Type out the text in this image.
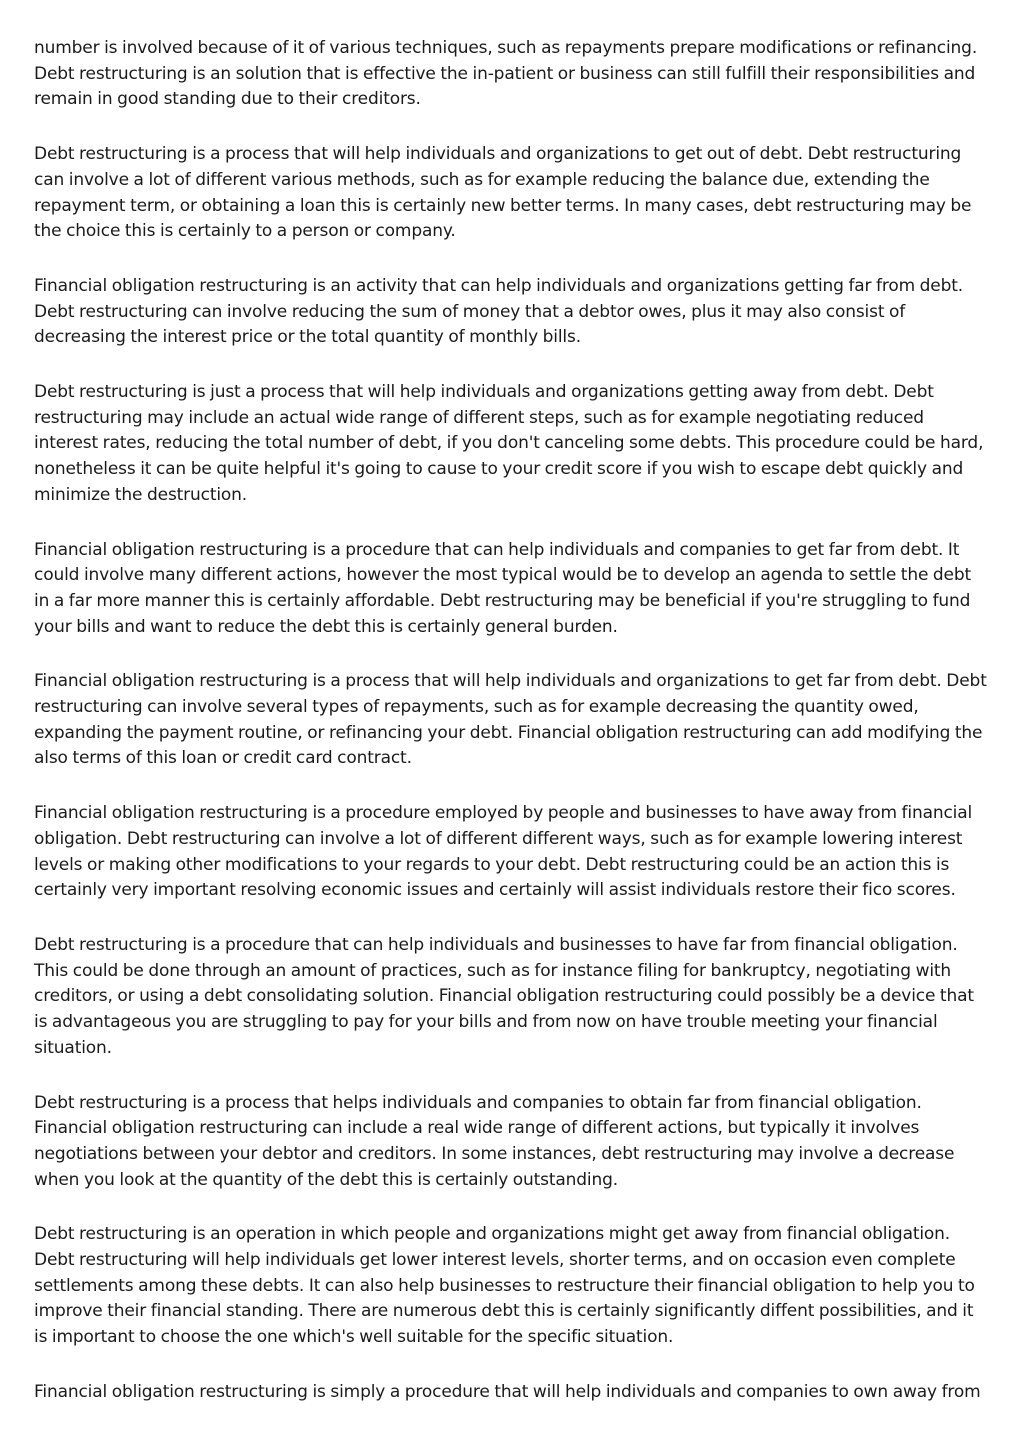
number is involved because of it of various techniques, such as repayments prepare modifications or refinancing. Debt restructuring is an solution that is effective the in-patient or business can still fulfill their responsibilities and remain in good standing due to their creditors.

Debt restructuring is a process that will help individuals and organizations to get out of debt. Debt restructuring can involve a lot of different various methods, such as for example reducing the balance due, extending the repayment term, or obtaining a loan this is certainly new better terms. In many cases, debt restructuring may be the choice this is certainly to a person or company.

Financial obligation restructuring is an activity that can help individuals and organizations getting far from debt. Debt restructuring can involve reducing the sum of money that a debtor owes, plus it may also consist of decreasing the interest price or the total quantity of monthly bills.

Debt restructuring is just a process that will help individuals and organizations getting away from debt. Debt restructuring may include an actual wide range of different steps, such as for example negotiating reduced interest rates, reducing the total number of debt, if you don't canceling some debts. This procedure could be hard, nonetheless it can be quite helpful it's going to cause to your credit score if you wish to escape debt quickly and minimize the destruction.

Financial obligation restructuring is a procedure that can help individuals and companies to get far from debt. It could involve many different actions, however the most typical would be to develop an agenda to settle the debt in a far more manner this is certainly affordable. Debt restructuring may be beneficial if you're struggling to fund your bills and want to reduce the debt this is certainly general burden.

Financial obligation restructuring is a process that will help individuals and organizations to get far from debt. Debt restructuring can involve several types of repayments, such as for example decreasing the quantity owed, expanding the payment routine, or refinancing your debt. Financial obligation restructuring can add modifying the also terms of this loan or credit card contract.

Financial obligation restructuring is a procedure employed by people and businesses to have away from financial obligation. Debt restructuring can involve a lot of different different ways, such as for example lowering interest levels or making other modifications to your regards to your debt. Debt restructuring could be an action this is certainly very important resolving economic issues and certainly will assist individuals restore their fico scores.

Debt restructuring is a procedure that can help individuals and businesses to have far from financial obligation. This could be done through an amount of practices, such as for instance filing for bankruptcy, negotiating with creditors, or using a debt consolidating solution. Financial obligation restructuring could possibly be a device that is advantageous you are struggling to pay for your bills and from now on have trouble meeting your financial situation.

Debt restructuring is a process that helps individuals and companies to obtain far from financial obligation. Financial obligation restructuring can include a real wide range of different actions, but typically it involves negotiations between your debtor and creditors. In some instances, debt restructuring may involve a decrease when you look at the quantity of the debt this is certainly outstanding.

Debt restructuring is an operation in which people and organizations might get away from financial obligation. Debt restructuring will help individuals get lower interest levels, shorter terms, and on occasion even complete settlements among these debts. It can also help businesses to restructure their financial obligation to help you to improve their financial standing. There are numerous debt this is certainly significantly diffent possibilities, and it is important to choose the one which's well suitable for the specific situation.

Financial obligation restructuring is simply a procedure that will help individuals and companies to own away from
